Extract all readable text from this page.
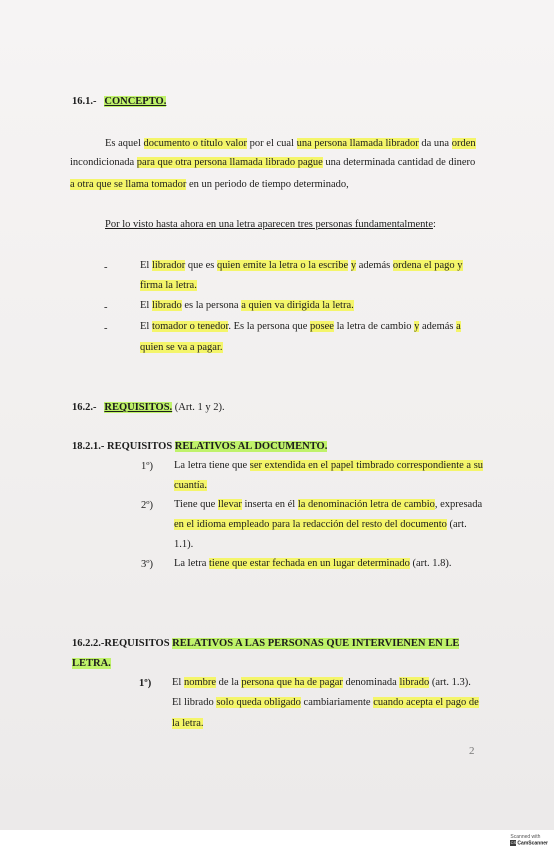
16.1.- CONCEPTO.
Es aquel documento o título valor por el cual una persona llamada librador da una orden
incondicionada para que otra persona llamada librado pague una determinada cantidad de dinero
a otra que se llama tomador en un periodo de tiempo determinado,
Por lo visto hasta ahora en una letra aparecen tres personas fundamentalmente:
-	El librador que es quien emite la letra o la escribe y además ordena el pago y
firma la letra.
-	El librado es la persona a quien va dirigida la letra.
-	El tomador o tenedor. Es la persona que posee la letra de cambio y además a
quien se va a pagar.
16.2.- REQUISITOS. (Art. 1 y 2).
18.2.1.- REQUISITOS RELATIVOS AL DOCUMENTO.
1º) La letra tiene que ser extendida en el papel timbrado correspondiente a su
cuantía.
2º) Tiene que llevar inserta en él la denominación letra de cambio, expresada
en el idioma empleado para la redacción del resto del documento (art.
1.1).
3º) La letra tiene que estar fechada en un lugar determinado (art. 1.8).
16.2.2.-REQUISITOS RELATIVOS A LAS PERSONAS QUE INTERVIENEN EN LE
LETRA.
1º) El nombre de la persona que ha de pagar denominada librado (art. 1.3).
El librado solo queda obligado cambiariamente cuando acepta el pago de
la letra.
2
Scanned with
CSCamScanner
